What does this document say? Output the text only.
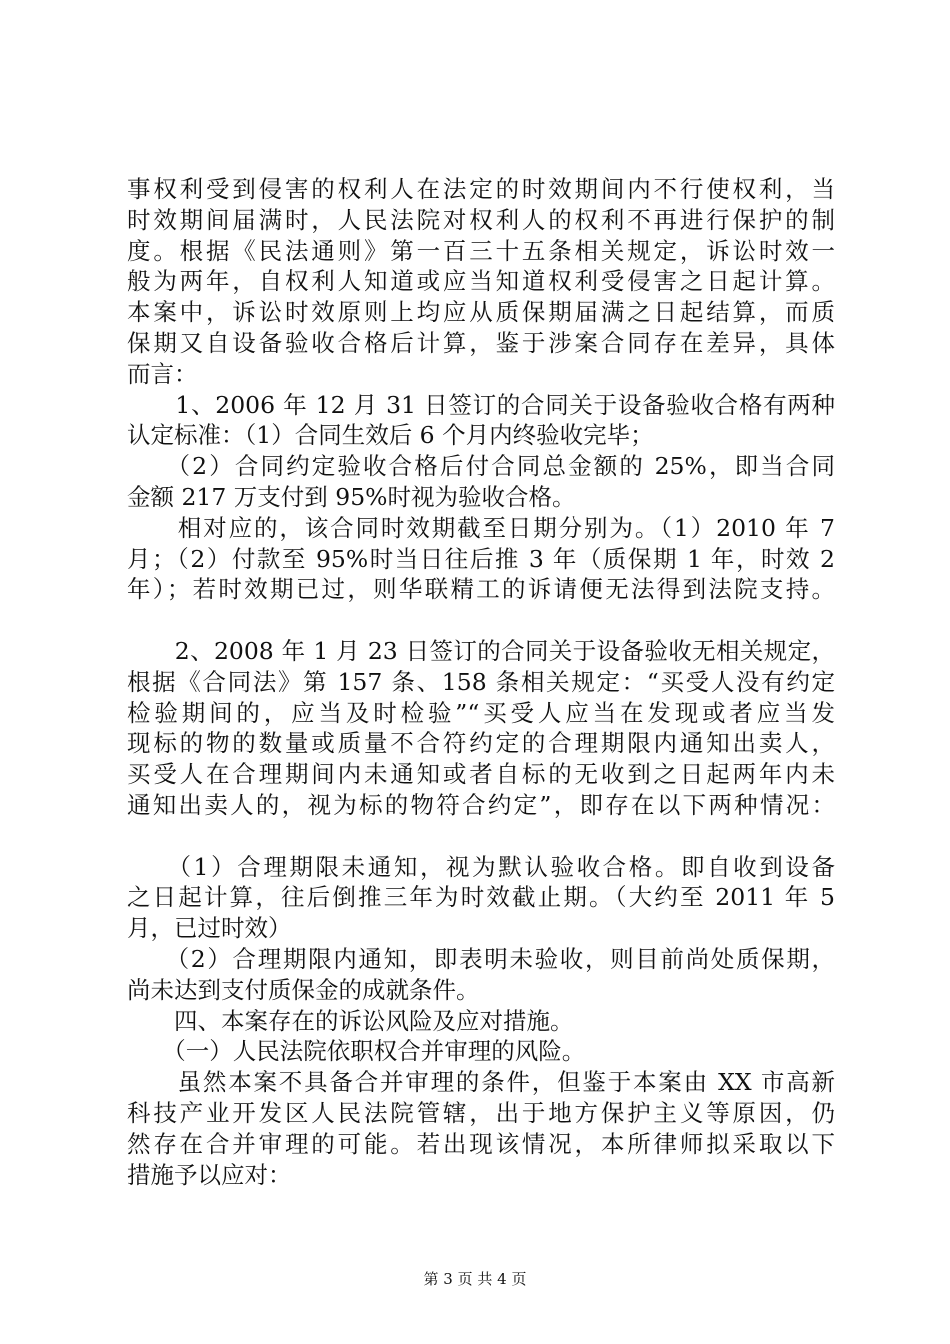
事权利受到侵害的权利人在法定的时效期间内不行使权利，当
时效期间届满时，人民法院对权利人的权利不再进行保护的制
度。根据《民法通则》第一百三十五条相关规定，诉讼时效一
般为两年，自权利人知道或应当知道权利受侵害之日起计算。
本案中，诉讼时效原则上均应从质保期届满之日起结算，而质
保期又自设备验收合格后计算，鉴于涉案合同存在差异，具体
而言：
　　1、2006 年 12 月 31 日签订的合同关于设备验收合格有两种
认定标准：（1）合同生效后 6 个月内终验收完毕；
　　（2）合同约定验收合格后付合同总金额的 25%，即当合同
金额 217 万支付到 95%时视为验收合格。
　　相对应的，该合同时效期截至日期分别为。（1）2010 年 7
月；（2）付款至 95%时当日往后推 3 年（质保期 1 年，时效 2
年）；若时效期已过，则华联精工的诉请便无法得到法院支持。
　　2、2008 年 1 月 23 日签订的合同关于设备验收无相关规定，
根据《合同法》第 157 条、158 条相关规定：“买受人没有约定
检验期间的，应当及时检验”“买受人应当在发现或者应当发
现标的物的数量或质量不合符约定的合理期限内通知出卖人，
买受人在合理期间内未通知或者自标的无收到之日起两年内未
通知出卖人的，视为标的物符合约定”，即存在以下两种情况：
　　（1）合理期限未通知，视为默认验收合格。即自收到设备
之日起计算，往后倒推三年为时效截止期。（大约至 2011 年 5
月，已过时效）
　　（2）合理期限内通知，即表明未验收，则目前尚处质保期，
尚未达到支付质保金的成就条件。
　　四、本案存在的诉讼风险及应对措施。
　　（一）人民法院依职权合并审理的风险。
　　虽然本案不具备合并审理的条件，但鉴于本案由 XX 市高新
科技产业开发区人民法院管辖，出于地方保护主义等原因，仍
然存在合并审理的可能。若出现该情况，本所律师拟采取以下
措施予以应对：
第 3 页 共 4 页
